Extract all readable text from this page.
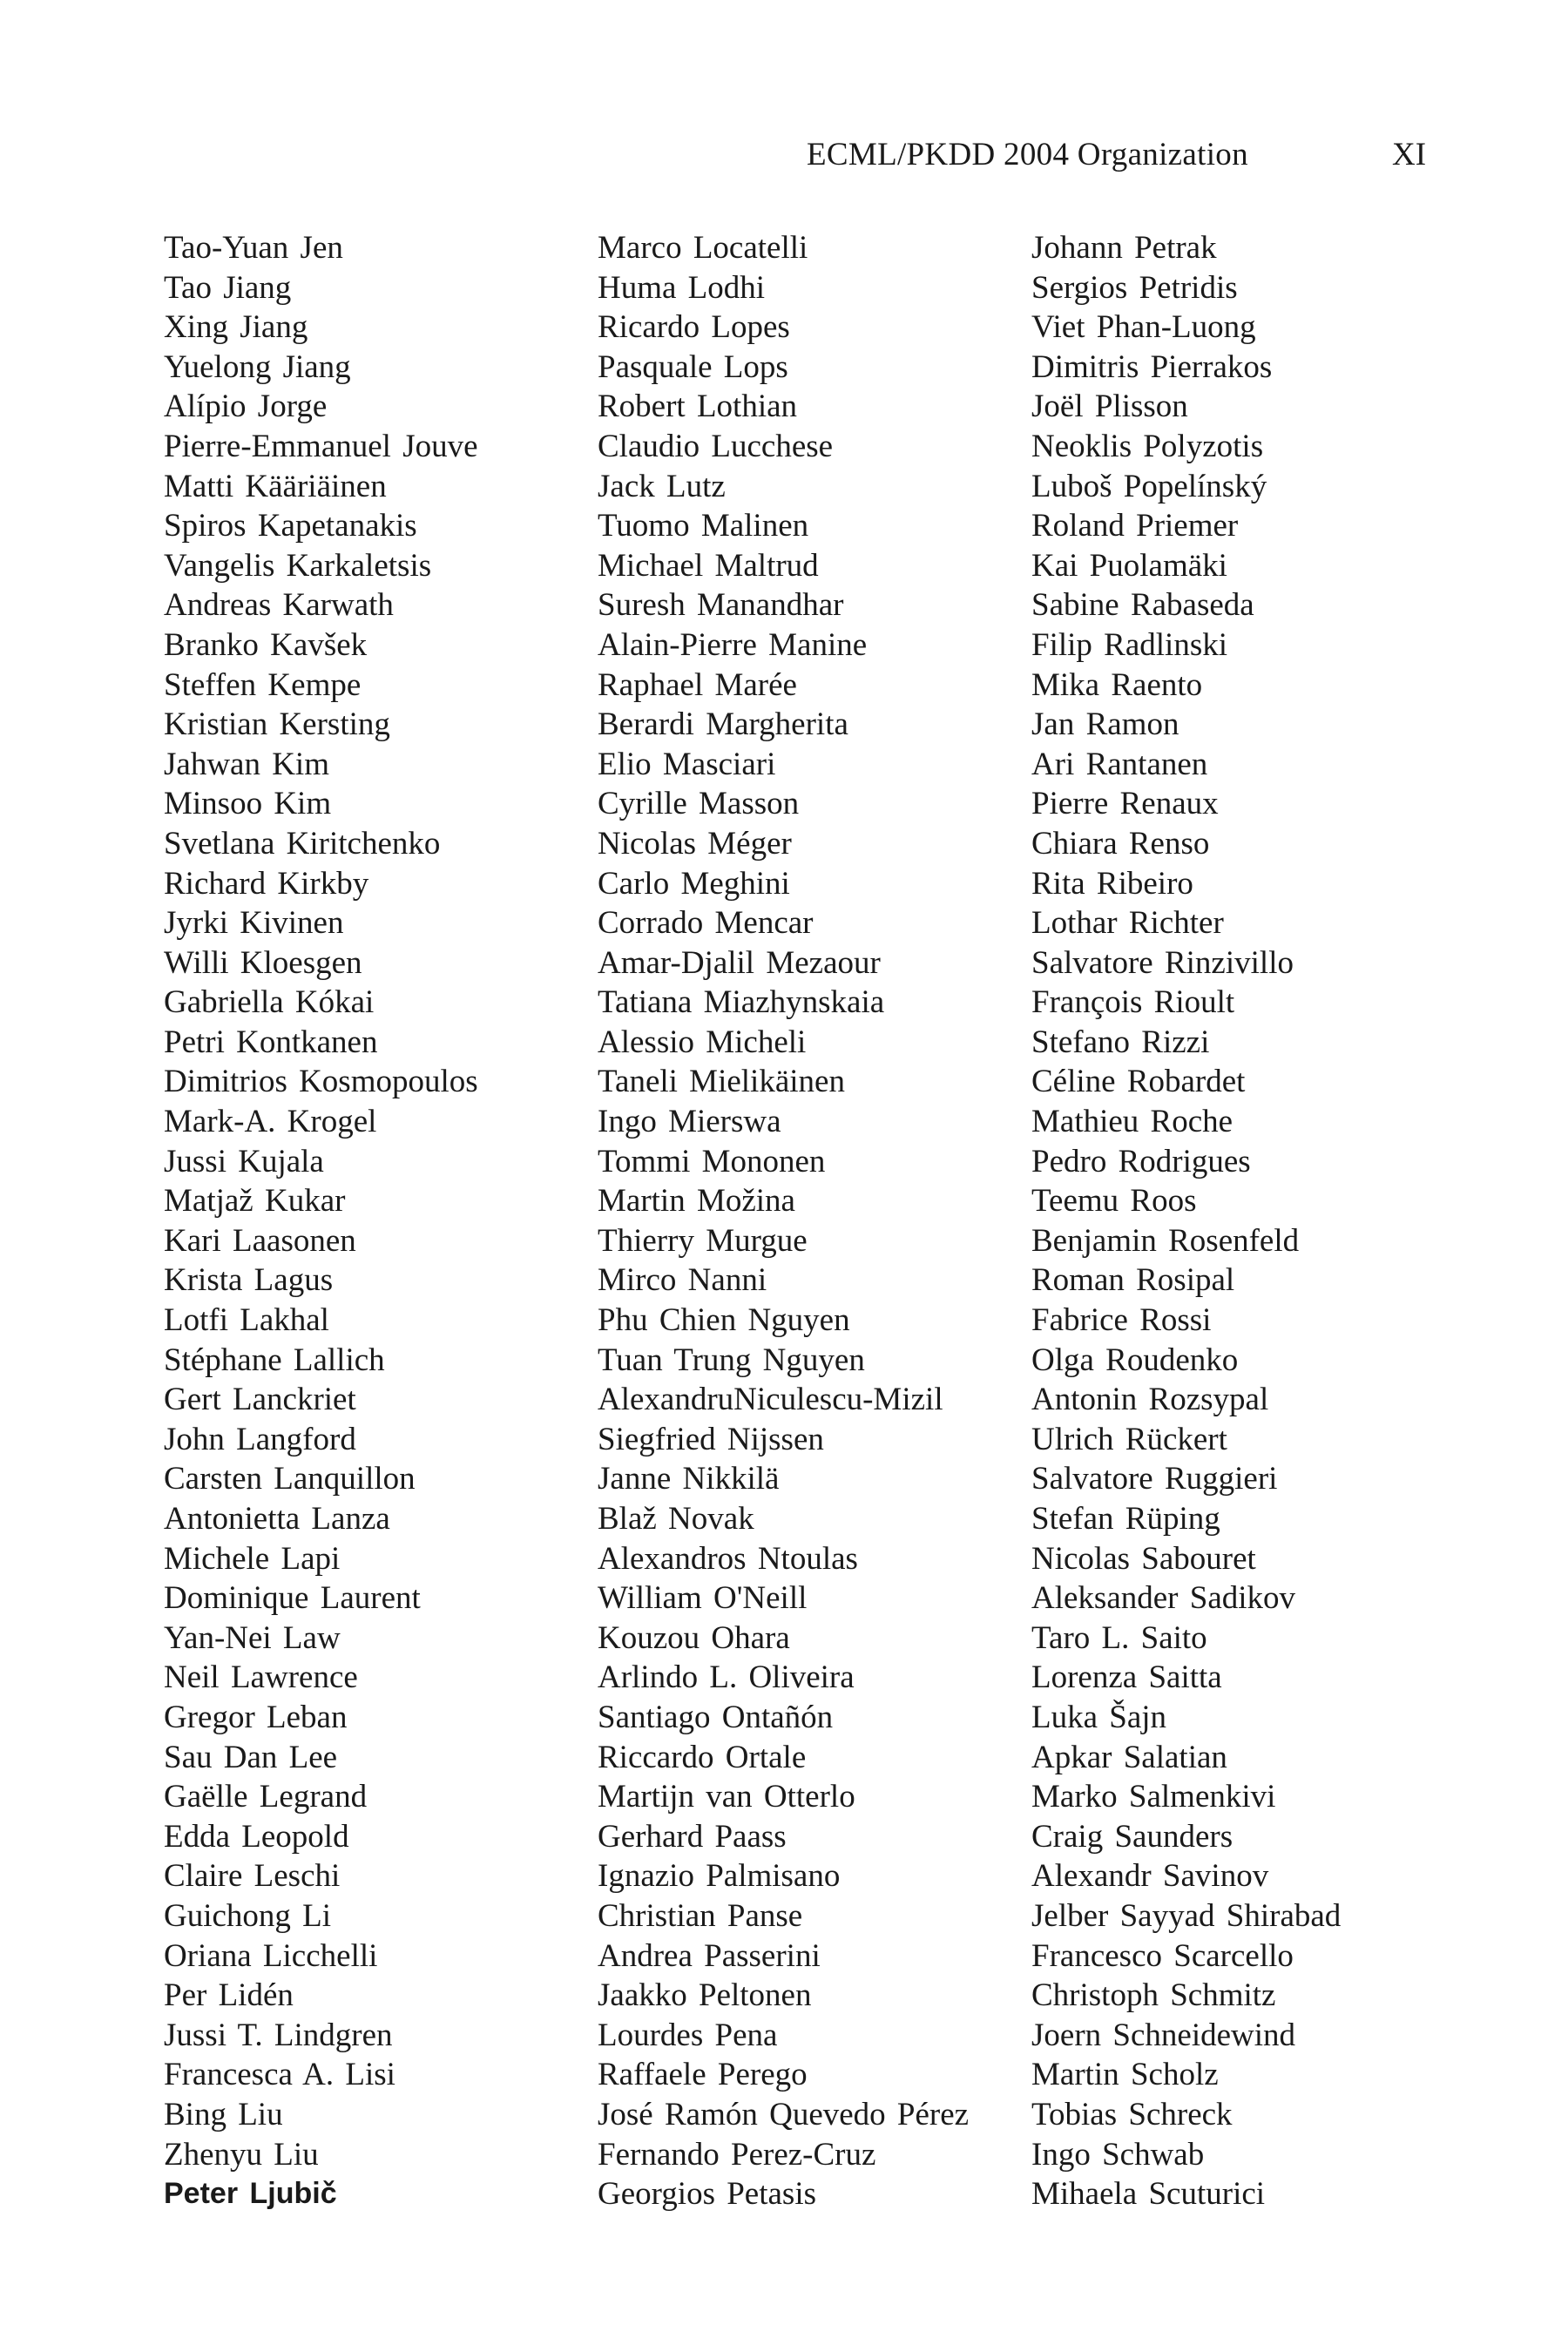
ECML/PKDD 2004 Organization	XI
Tao-Yuan Jen
Tao Jiang
Xing Jiang
Yuelong Jiang
Alípio Jorge
Pierre-Emmanuel Jouve
Matti Kääriäinen
Spiros Kapetanakis
Vangelis Karkaletsis
Andreas Karwath
Branko Kavšek
Steffen Kempe
Kristian Kersting
Jahwan Kim
Minsoo Kim
Svetlana Kiritchenko
Richard Kirkby
Jyrki Kivinen
Willi Kloesgen
Gabriella Kókai
Petri Kontkanen
Dimitrios Kosmopoulos
Mark-A. Krogel
Jussi Kujala
Matjaž Kukar
Kari Laasonen
Krista Lagus
Lotfi Lakhal
Stéphane Lallich
Gert Lanckriet
John Langford
Carsten Lanquillon
Antonietta Lanza
Michele Lapi
Dominique Laurent
Yan-Nei Law
Neil Lawrence
Gregor Leban
Sau Dan Lee
Gaëlle Legrand
Edda Leopold
Claire Leschi
Guichong Li
Oriana Licchelli
Per Lidén
Jussi T. Lindgren
Francesca A. Lisi
Bing Liu
Zhenyu Liu
Peter Ljubič
Marco Locatelli
Huma Lodhi
Ricardo Lopes
Pasquale Lops
Robert Lothian
Claudio Lucchese
Jack Lutz
Tuomo Malinen
Michael Maltrud
Suresh Manandhar
Alain-Pierre Manine
Raphael Marée
Berardi Margherita
Elio Masciari
Cyrille Masson
Nicolas Méger
Carlo Meghini
Corrado Mencar
Amar-Djalil Mezaour
Tatiana Miazhynskaia
Alessio Micheli
Taneli Mielikäinen
Ingo Mierswa
Tommi Mononen
Martin Možina
Thierry Murgue
Mirco Nanni
Phu Chien Nguyen
Tuan Trung Nguyen
AlexandruNiculescu-Mizil
Siegfried Nijssen
Janne Nikkilä
Blaž Novak
Alexandros Ntoulas
William O'Neill
Kouzou Ohara
Arlindo L. Oliveira
Santiago Ontañón
Riccardo Ortale
Martijn van Otterlo
Gerhard Paass
Ignazio Palmisano
Christian Panse
Andrea Passerini
Jaakko Peltonen
Lourdes Pena
Raffaele Perego
José Ramón Quevedo Pérez
Fernando Perez-Cruz
Georgios Petasis
Johann Petrak
Sergios Petridis
Viet Phan-Luong
Dimitris Pierrakos
Joël Plisson
Neoklis Polyzotis
Luboš Popelínský
Roland Priemer
Kai Puolamäki
Sabine Rabaseda
Filip Radlinski
Mika Raento
Jan Ramon
Ari Rantanen
Pierre Renaux
Chiara Renso
Rita Ribeiro
Lothar Richter
Salvatore Rinzivillo
François Rioult
Stefano Rizzi
Céline Robardet
Mathieu Roche
Pedro Rodrigues
Teemu Roos
Benjamin Rosenfeld
Roman Rosipal
Fabrice Rossi
Olga Roudenko
Antonin Rozsypal
Ulrich Rückert
Salvatore Ruggieri
Stefan Rüping
Nicolas Sabouret
Aleksander Sadikov
Taro L. Saito
Lorenza Saitta
Luka Šajn
Apkar Salatian
Marko Salmenkivi
Craig Saunders
Alexandr Savinov
Jelber Sayyad Shirabad
Francesco Scarcello
Christoph Schmitz
Joern Schneidewind
Martin Scholz
Tobias Schreck
Ingo Schwab
Mihaela Scuturici
